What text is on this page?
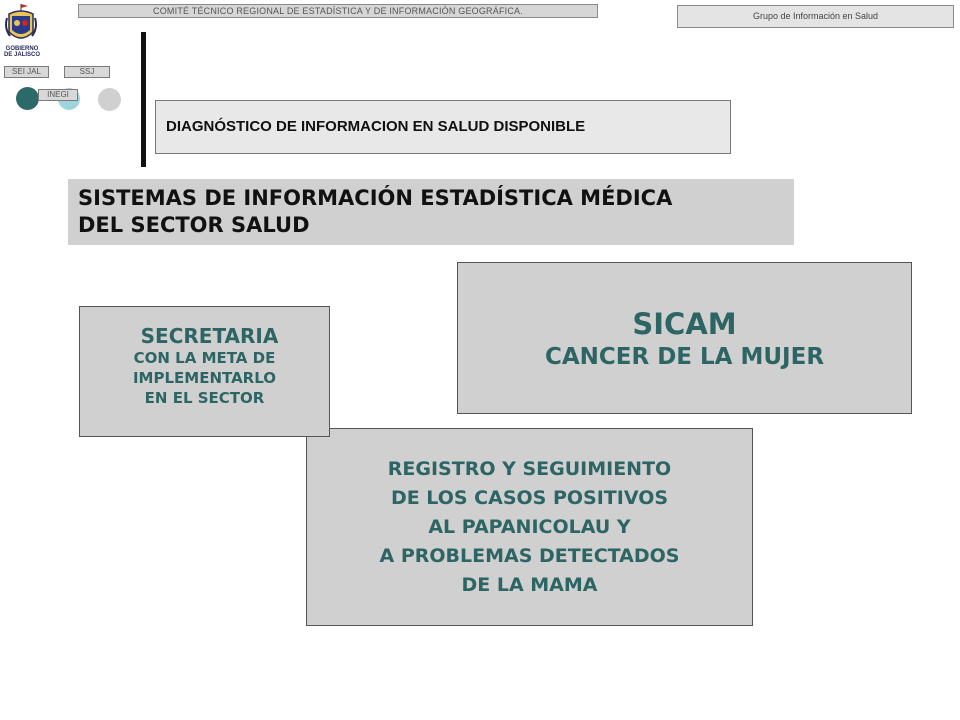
COMITÉ TÉCNICO REGIONAL DE ESTADÍSTICA Y DE INFORMACIÓN GEOGRÁFICA.	Grupo de Información en Salud
GOBIERNO
DE JALISCO
SEI JAL	SSJ
INEGI
DIAGNÓSTICO DE INFORMACION EN SALUD DISPONIBLE
SISTEMAS DE INFORMACIÓN ESTADÍSTICA MÉDICA
DEL SECTOR SALUD
SICAM
CANCER DE LA MUJER
REGISTRO Y SEGUIMIENTO
DE LOS CASOS POSITIVOS
AL PAPANICOLAU Y
A PROBLEMAS DETECTADOS
DE LA MAMA
SECRETARIA
CON LA META DE
IMPLEMENTARLO
EN EL SECTOR
